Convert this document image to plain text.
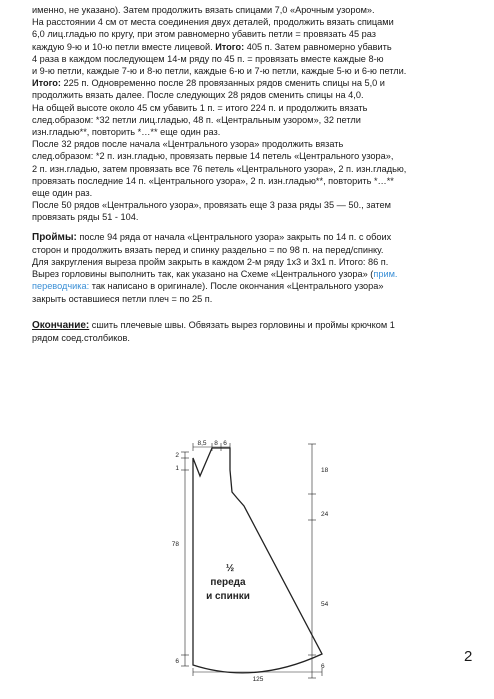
именно, не указано). Затем продолжить вязать спицами 7,0 «Арочным узором».

На расстоянии 4 см от места соединения двух деталей, продолжить вязать спицами

6,0 лиц.гладью по кругу, при этом равномерно убавить петли = провязать 45 раз

каждую 9-ю и 10-ю петли вместе лицевой. Итого: 405 п. Затем равномерно убавить

4 раза в каждом последующем 14-м ряду по 45 п. = провязать вместе каждые 8-ю

и 9-ю петли, каждые 7-ю и 8-ю петли, каждые 6-ю и 7-ю петли, каждые 5-ю и 6-ю петли.

Итого: 225 п. Одновременно после 28 провязанных рядов сменить спицы на 5,0 и

продолжить вязать далее. После следующих 28 рядов сменить спицы на 4,0.

На общей высоте около 45 см убавить 1 п. = итого 224 п. и продолжить вязать

след.образом: *32 петли лиц.гладью, 48 п. «Центральным узором», 32 петли

изн.гладью**, повторить *…** еще один раз.

После 32 рядов после начала «Центрального узора» продолжить вязать

след.образом: *2 п. изн.гладью, провязать первые 14 петель «Центрального узора»,

2 п. изн.гладью, затем провязать все 76 петель «Центрального узора», 2 п. изн.гладью,

провязать последние 14 п. «Центрального узора», 2 п. изн.гладью**, повторить *…**

еще один раз.

После 50 рядов «Центрального узора», провязать еще 3 раза ряды 35 — 50., затем

провязать ряды 51 - 104.

Проймы: после 94 ряда от начала «Центрального узора» закрыть по 14 п. с обоих

сторон и продолжить вязать перед и спинку раздельно = по 98 п. на перед/спинку.

Для закругления выреза пройм закрыть в каждом 2-м ряду 1х3 и 3х1 п. Итого: 86 п.

Вырез горловины выполнить так, как указано на Схеме «Центрального узора» (прим.

переводчика: так написано в оригинале). После окончания «Центрального узора»

закрыть оставшиеся петли плеч = по 25 п.

Окончание: сшить плечевые швы. Обвязать вырез горловины и проймы крючком 1

рядом соед.столбиков.

8,5 8 6
2
1
78
6
18
24
54
6
125
½
переда
и спинки
2
